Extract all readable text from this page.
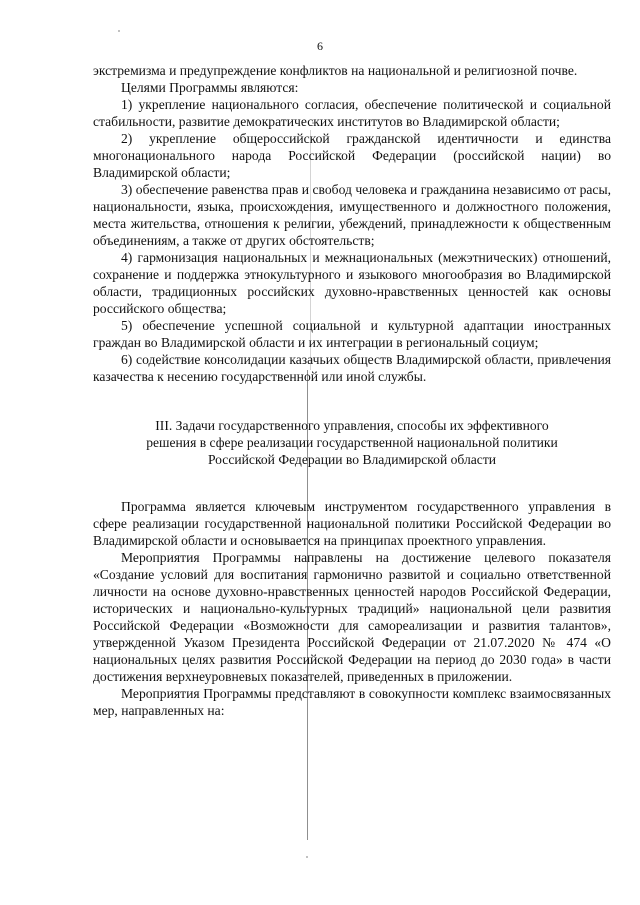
6

экстремизма и предупреждение конфликтов на национальной и религиозной почве.

Целями Программы являются:

1) укрепление национального согласия, обеспечение политической и социальной стабильности, развитие демократических институтов во Владимирской области;

2) укрепление общероссийской гражданской идентичности и единства многонационального народа Российской Федерации (российской нации) во Владимирской области;

3) обеспечение равенства прав и свобод человека и гражданина независимо от расы, национальности, языка, происхождения, имущественного и должностного положения, места жительства, отношения к религии, убеждений, принадлежности к общественным объединениям, а также от других обстоятельств;

4) гармонизация национальных и межнациональных (межэтнических) отношений, сохранение и поддержка этнокультурного и языкового многообразия во Владимирской области, традиционных российских духовно-нравственных ценностей как основы российского общества;

5) обеспечение успешной социальной и культурной адаптации иностранных граждан во Владимирской области и их интеграции в региональный социум;

6) содействие консолидации казачьих обществ Владимирской области, привлечения казачества к несению государственной или иной службы.

III. Задачи государственного управления, способы их эффективного
решения в сфере реализации государственной национальной политики
Российской Федерации во Владимирской области

Программа является ключевым инструментом государственного управления в сфере реализации государственной национальной политики Российской Федерации во Владимирской области и основывается на принципах проектного управления.

Мероприятия Программы направлены на достижение целевого показателя «Создание условий для воспитания гармонично развитой и социально ответственной личности на основе духовно-нравственных ценностей народов Российской Федерации, исторических и национально-культурных традиций» национальной цели развития Российской Федерации «Возможности для самореализации и развития талантов», утвержденной Указом Президента Российской Федерации от 21.07.2020 № 474 «О национальных целях развития Российской Федерации на период до 2030 года» в части достижения верхнеуровневых показателей, приведенных в приложении.

Мероприятия Программы представляют в совокупности комплекс взаимосвязанных мер, направленных на:
